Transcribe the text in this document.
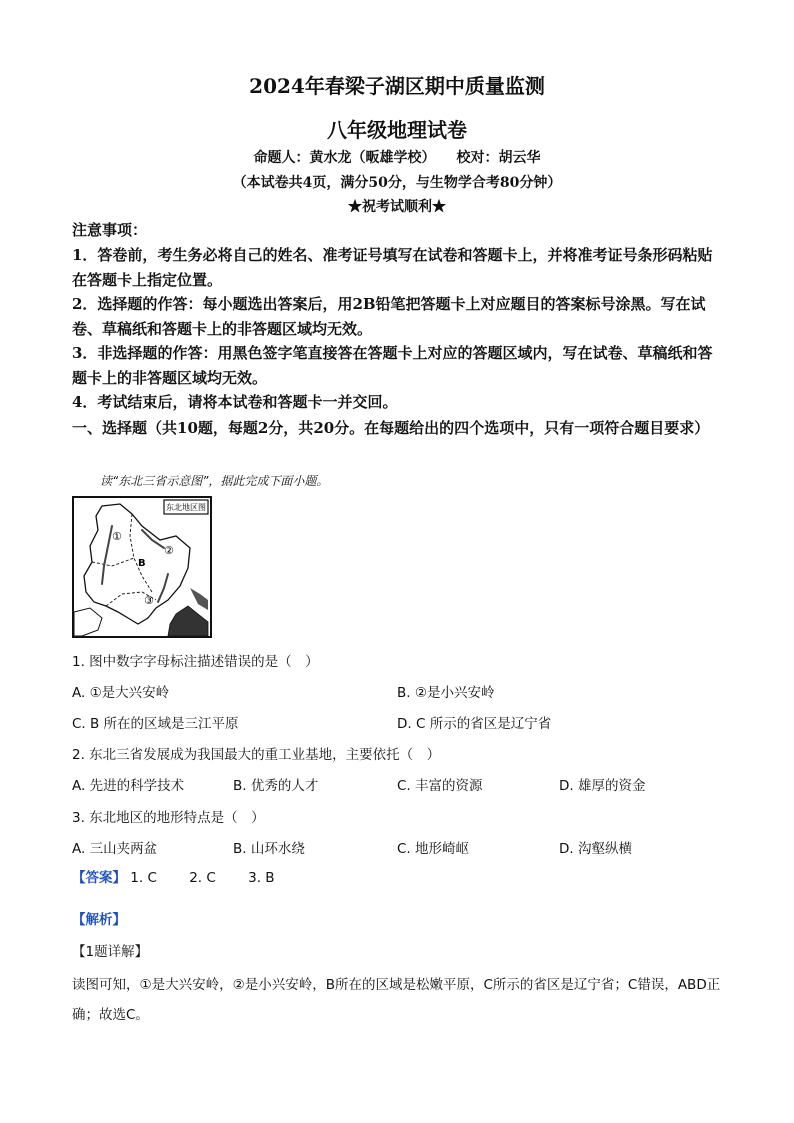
2024年春梁子湖区期中质量监测
八年级地理试卷
命题人：黄水龙（畈雄学校）　　校对：胡云华
（本试卷共4页，满分50分，与生物学合考80分钟）
★祝考试顺利★
注意事项：

1．答卷前，考生务必将自己的姓名、准考证号填写在试卷和答题卡上，并将准考证号条形码粘贴在答题卡上指定位置。

2．选择题的作答：每小题选出答案后，用2B铅笔把答题卡上对应题目的答案标号涂黑。写在试卷、草稿纸和答题卡上的非答题区域均无效。

3．非选择题的作答：用黑色签字笔直接答在答题卡上对应的答题区域内，写在试卷、草稿纸和答题卡上的非答题区域均无效。

4．考试结束后，请将本试卷和答题卡一并交回。

一、选择题（共10题，每题2分，共20分。在每题给出的四个选项中，只有一项符合题目要求）
读“东北三省示意图”，据此完成下面小题。
东北地区图
①
②
B
③
1. 图中数字字母标注描述错误的是（　）
A. ①是大兴安岭	B. ②是小兴安岭
C. B 所在的区域是三江平原	D. C 所示的省区是辽宁省
2. 东北三省发展成为我国最大的重工业基地，主要依托（　）
A. 先进的科学技术	B. 优秀的人才	C. 丰富的资源	D. 雄厚的资金
3. 东北地区的地形特点是（　）
A. 三山夹两盆	B. 山环水绕	C. 地形崎岖	D. 沟壑纵横
【答案】 1. C 2. C 3. B
【解析】
【1题详解】
读图可知，①是大兴安岭，②是小兴安岭，B所在的区域是松嫩平原，C所示的省区是辽宁省；C错误，ABD正确；故选C。
